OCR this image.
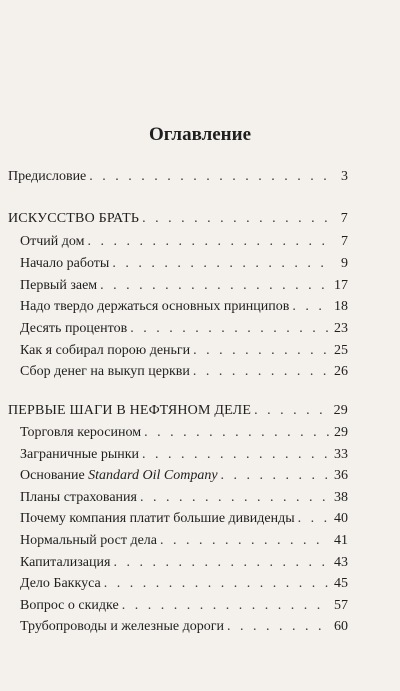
Оглавление
Предисловие . . .	3
ИСКУССТВО БРАТЬ . . .	7
Отчий дом . . .	7
Начало работы . . .	9
Первый заем . . .	17
Надо твердо держаться основных принципов . . .	18
Десять процентов . . .	23
Как я собирал порою деньги . . .	25
Сбор денег на выкуп церкви . . .	26
ПЕРВЫЕ ШАГИ В НЕФТЯНОМ ДЕЛЕ . . .	29
Торговля керосином . . .	29
Заграничные рынки . . .	33
Основание Standard Oil Company . . .	36
Планы страхования . . .	38
Почему компания платит большие дивиденды . . .	40
Нормальный рост дела . . .	41
Капитализация . . .	43
Дело Баккуса . . .	45
Вопрос о скидке . . .	57
Трубопроводы и железные дороги . . .	60
